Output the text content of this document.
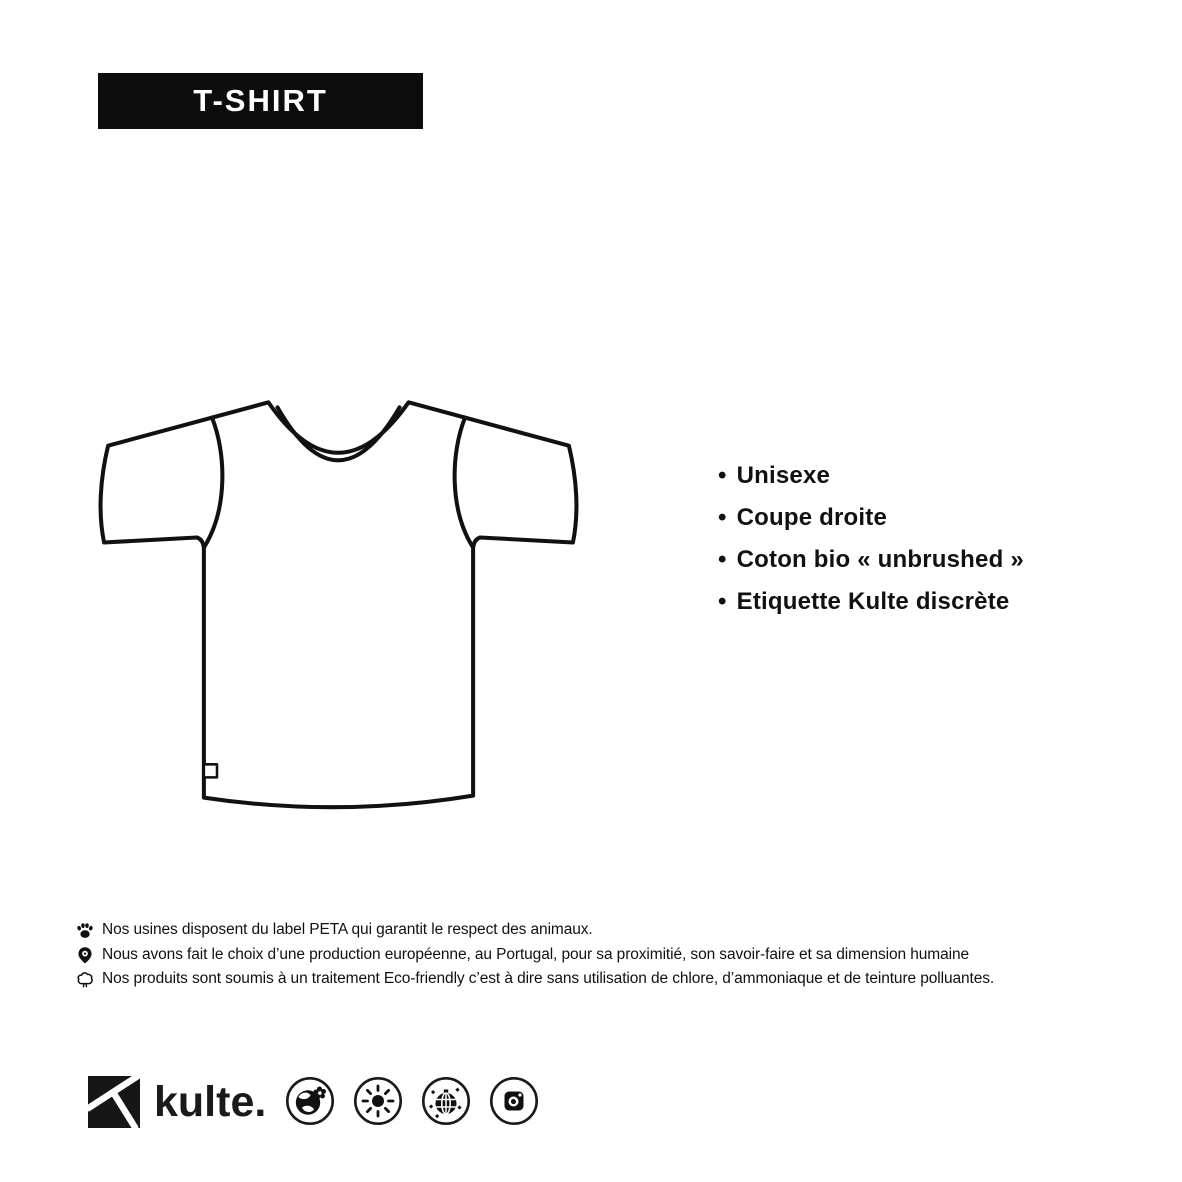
T-SHIRT
• Unisexe
• Coupe droite
• Coton bio « unbrushed »
• Etiquette Kulte discrète
Nos usines disposent du label PETA qui garantit le respect des animaux.
Nous avons fait le choix d’une production européenne, au Portugal, pour sa proximitié, son savoir-faire et sa dimension humaine
Nos produits sont soumis à un traitement Eco-friendly c’est à dire sans utilisation de chlore, d’ammoniaque et de teinture polluantes.
kulte.
